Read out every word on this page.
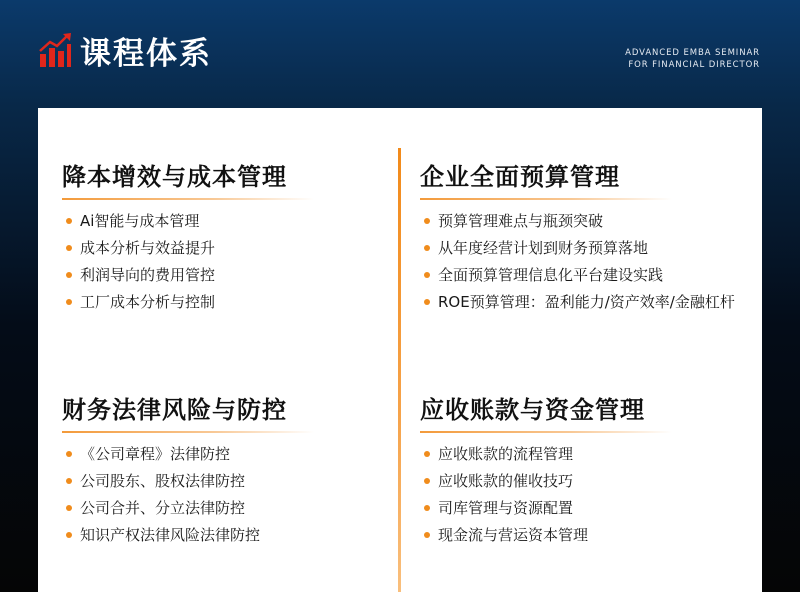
课程体系	ADVANCED EMBA SEMINAR
FOR FINANCIAL DIRECTOR
降本增效与成本管理
Ai智能与成本管理
成本分析与效益提升
利润导向的费用管控
工厂成本分析与控制
企业全面预算管理
预算管理难点与瓶颈突破
从年度经营计划到财务预算落地
全面预算管理信息化平台建设实践
ROE预算管理：盈利能力/资产效率/金融杠杆
财务法律风险与防控
《公司章程》法律防控
公司股东、股权法律防控
公司合并、分立法律防控
知识产权法律风险法律防控
应收账款与资金管理
应收账款的流程管理
应收账款的催收技巧
司库管理与资源配置
现金流与营运资本管理
